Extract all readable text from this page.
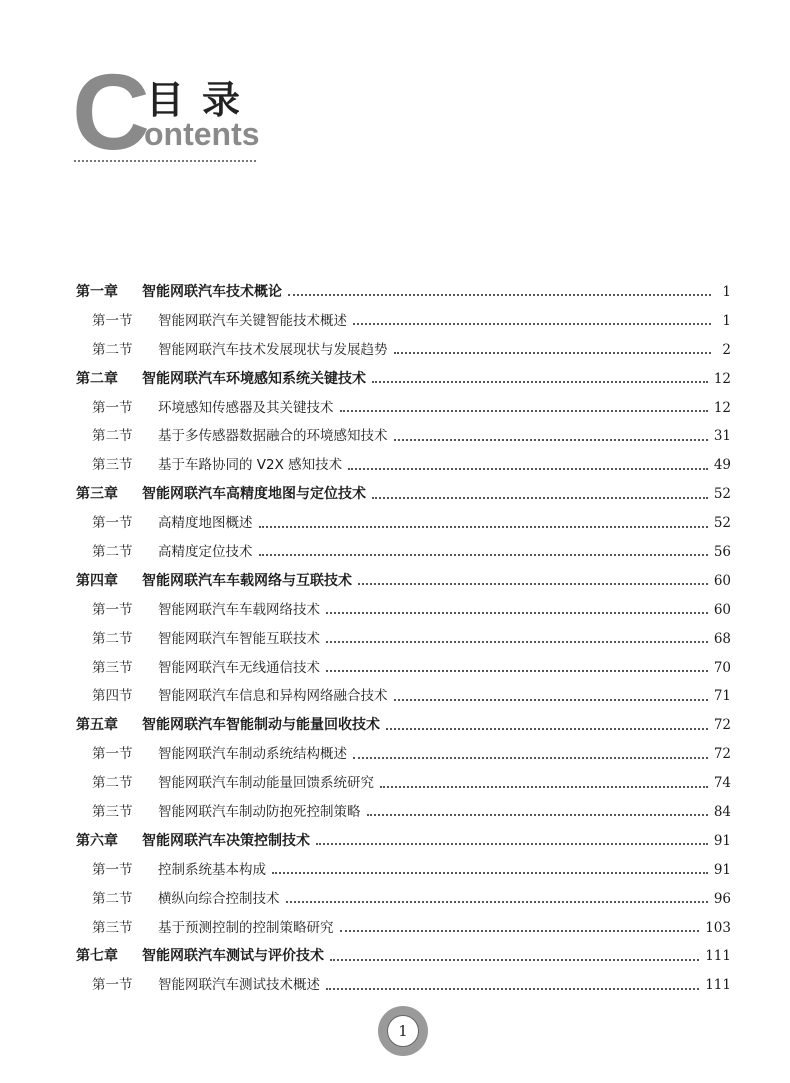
C
目录
ontents
第一章	智能网联汽车技术概论	1
第一节	智能网联汽车关键智能技术概述	1
第二节	智能网联汽车技术发展现状与发展趋势	2
第二章	智能网联汽车环境感知系统关键技术	12
第一节	环境感知传感器及其关键技术	12
第二节	基于多传感器数据融合的环境感知技术	31
第三节	基于车路协同的 V2X 感知技术	49
第三章	智能网联汽车高精度地图与定位技术	52
第一节	高精度地图概述	52
第二节	高精度定位技术	56
第四章	智能网联汽车车载网络与互联技术	60
第一节	智能网联汽车车载网络技术	60
第二节	智能网联汽车智能互联技术	68
第三节	智能网联汽车无线通信技术	70
第四节	智能网联汽车信息和异构网络融合技术	71
第五章	智能网联汽车智能制动与能量回收技术	72
第一节	智能网联汽车制动系统结构概述	72
第二节	智能网联汽车制动能量回馈系统研究	74
第三节	智能网联汽车制动防抱死控制策略	84
第六章	智能网联汽车决策控制技术	91
第一节	控制系统基本构成	91
第二节	横纵向综合控制技术	96
第三节	基于预测控制的控制策略研究	103
第七章	智能网联汽车测试与评价技术	111
第一节	智能网联汽车测试技术概述	111
1
